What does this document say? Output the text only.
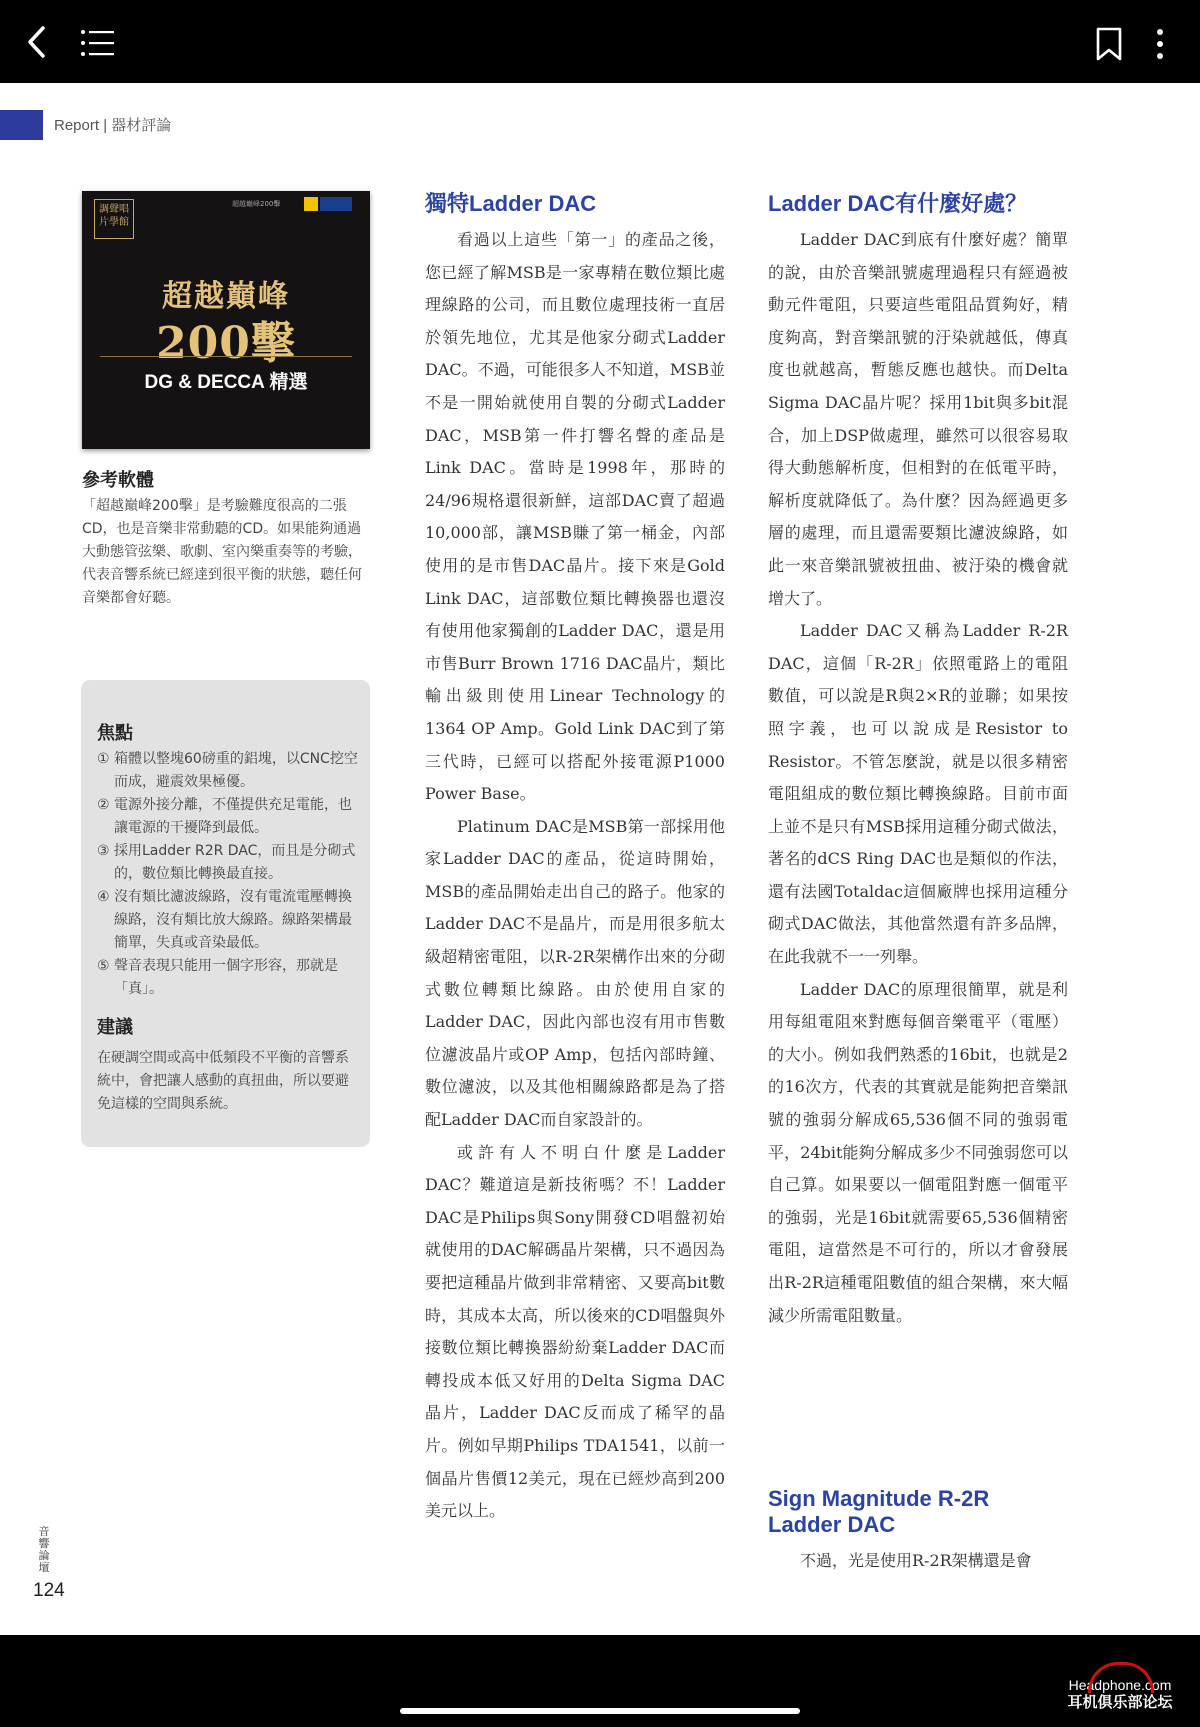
Report | 器材評論
調聲唱片學館
超越巔峰200擊
超越巔峰
200擊
DG & DECCA 精選
參考軟體
「超越巔峰200擊」是考驗難度很高的二張CD，也是音樂非常動聽的CD。如果能夠通過大動態管弦樂、歌劇、室內樂重奏等的考驗，代表音響系統已經達到很平衡的狀態，聽任何音樂都會好聽。
焦點
① 箱體以整塊60磅重的鋁塊，以CNC挖空而成，避震效果極優。
② 電源外接分離，不僅提供充足電能，也讓電源的干擾降到最低。
③ 採用Ladder R2R DAC，而且是分砌式的，數位類比轉換最直接。
④ 沒有類比濾波線路，沒有電流電壓轉換線路，沒有類比放大線路。線路架構最簡單，失真或音染最低。
⑤ 聲音表現只能用一個字形容，那就是「真」。
建議
在硬調空間或高中低頻段不平衡的音響系統中，會把讓人感動的真扭曲，所以要避免這樣的空間與系統。
音響論壇
124
獨特Ladder DAC

看過以上這些「第一」的產品之後，您已經了解MSB是一家專精在數位類比處理線路的公司，而且數位處理技術一直居於領先地位，尤其是他家分砌式Ladder DAC。不過，可能很多人不知道，MSB並不是一開始就使用自製的分砌式Ladder DAC，MSB第一件打響名聲的產品是Link DAC。當時是1998年，那時的24/96規格還很新鮮，這部DAC賣了超過10,000部，讓MSB賺了第一桶金，內部使用的是市售DAC晶片。接下來是Gold Link DAC，這部數位類比轉換器也還沒有使用他家獨創的Ladder DAC，還是用市售Burr Brown 1716 DAC晶片，類比輸出級則使用Linear Technology的1364 OP Amp。Gold Link DAC到了第三代時，已經可以搭配外接電源P1000 Power Base。

Platinum DAC是MSB第一部採用他家Ladder DAC的產品，從這時開始，MSB的產品開始走出自己的路子。他家的Ladder DAC不是晶片，而是用很多航太級超精密電阻，以R-2R架構作出來的分砌式數位轉類比線路。由於使用自家的Ladder DAC，因此內部也沒有用市售數位濾波晶片或OP Amp，包括內部時鐘、數位濾波，以及其他相關線路都是為了搭配Ladder DAC而自家設計的。

或許有人不明白什麼是Ladder DAC？難道這是新技術嗎？不！Ladder DAC是Philips與Sony開發CD唱盤初始就使用的DAC解碼晶片架構，只不過因為要把這種晶片做到非常精密、又要高bit數時，其成本太高，所以後來的CD唱盤與外接數位類比轉換器紛紛棄Ladder DAC而轉投成本低又好用的Delta Sigma DAC晶片，Ladder DAC反而成了稀罕的晶片。例如早期Philips TDA1541，以前一個晶片售價12美元，現在已經炒高到200美元以上。

Ladder DAC有什麼好處？

Ladder DAC到底有什麼好處？簡單的說，由於音樂訊號處理過程只有經過被動元件電阻，只要這些電阻品質夠好，精度夠高，對音樂訊號的汙染就越低，傳真度也就越高，暫態反應也越快。而Delta Sigma DAC晶片呢？採用1bit與多bit混合，加上DSP做處理，雖然可以很容易取得大動態解析度，但相對的在低電平時，解析度就降低了。為什麼？因為經過更多層的處理，而且還需要類比濾波線路，如此一來音樂訊號被扭曲、被汙染的機會就增大了。

Ladder DAC又稱為Ladder R-2R DAC，這個「R-2R」依照電路上的電阻數值，可以說是R與2×R的並聯；如果按照字義，也可以說成是Resistor to Resistor。不管怎麼說，就是以很多精密電阻組成的數位類比轉換線路。目前市面上並不是只有MSB採用這種分砌式做法，著名的dCS Ring DAC也是類似的作法，還有法國Totaldac這個廠牌也採用這種分砌式DAC做法，其他當然還有許多品牌，在此我就不一一列舉。

Ladder DAC的原理很簡單，就是利用每組電阻來對應每個音樂電平（電壓）的大小。例如我們熟悉的16bit，也就是2的16次方，代表的其實就是能夠把音樂訊號的強弱分解成65,536個不同的強弱電平，24bit能夠分解成多少不同強弱您可以自己算。如果要以一個電阻對應一個電平的強弱，光是16bit就需要65,536個精密電阻，這當然是不可行的，所以才會發展出R-2R這種電阻數值的組合架構，來大幅減少所需電阻數量。

Sign Magnitude R-2R Ladder DAC

不過，光是使用R-2R架構還是會

Headphone.com
耳机俱乐部论坛
